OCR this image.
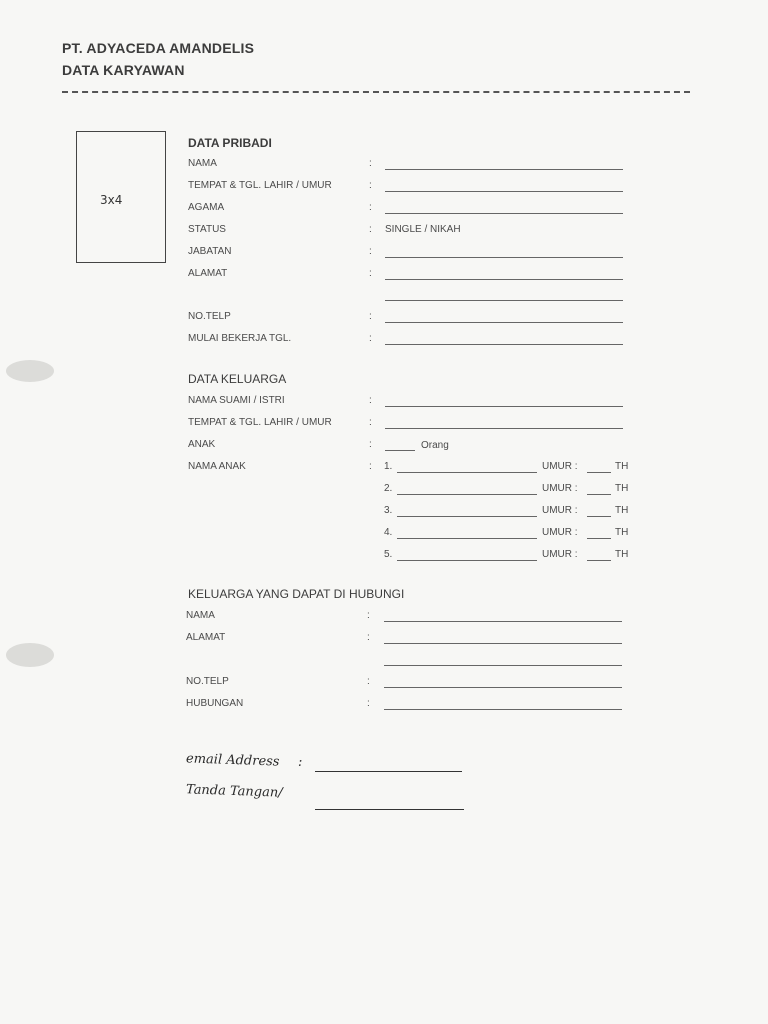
PT. ADYACEDA AMANDELIS
DATA KARYAWAN
3x4
DATA PRIBADI
NAMA	:
TEMPAT & TGL. LAHIR / UMUR	:
AGAMA	:
STATUS	: SINGLE / NIKAH
JABATAN	:
ALAMAT	:
NO.TELP	:
MULAI BEKERJA TGL.	:
DATA KELUARGA
NAMA SUAMI / ISTRI	:
TEMPAT & TGL. LAHIR / UMUR	:
ANAK	:	Orang
NAMA ANAK	: 1.	UMUR :	TH
2.	UMUR :	TH
3.	UMUR :	TH
4.	UMUR :	TH
5.	UMUR :	TH
KELUARGA YANG DAPAT DI HUBUNGI
NAMA	:
ALAMAT	:
NO.TELP	:
HUBUNGAN	:
email Address :
Tanda Tangan/
